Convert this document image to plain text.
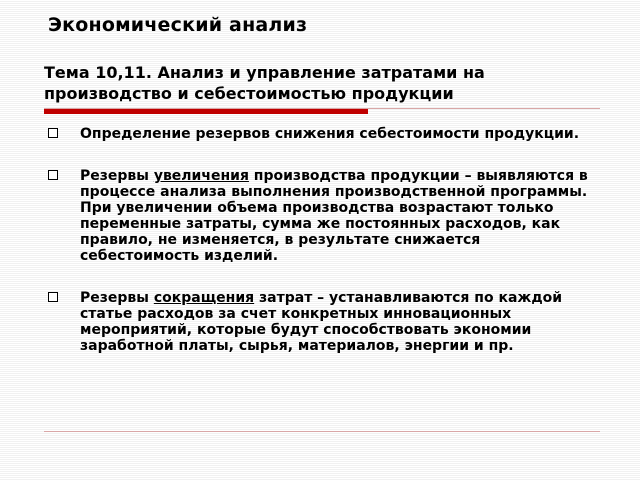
Экономический анализ
Тема 10,11. Анализ и управление затратами на производство и себестоимостью продукции
Определение резервов снижения себестоимости продукции.
Резервы увеличения производства продукции – выявляются в процессе анализа выполнения производственной программы. При увеличении объема производства возрастают только переменные затраты, сумма же постоянных расходов, как правило, не изменяется, в результате снижается себестоимость изделий.
Резервы сокращения затрат – устанавливаются по каждой статье расходов за счет конкретных инновационных мероприятий, которые будут способствовать экономии заработной платы, сырья, материалов, энергии и пр.
